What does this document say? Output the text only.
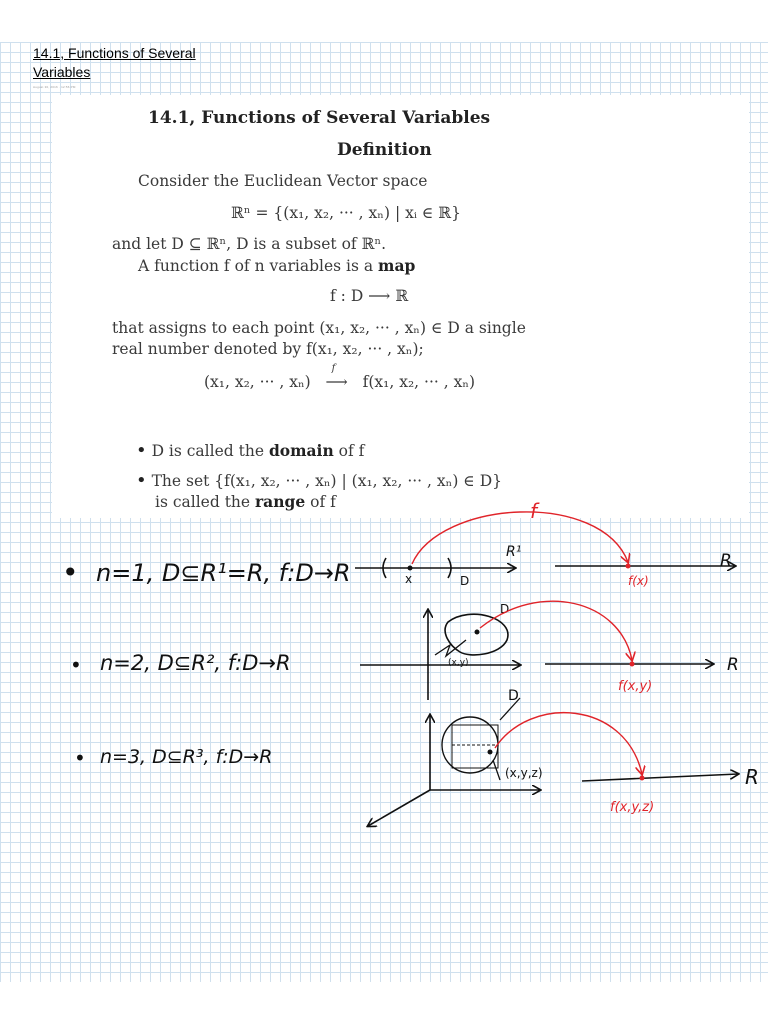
14.1, Functions of Several Variables
August 30, 2016 · 12:56 PM
14.1, Functions of Several Variables
Definition
Consider the Euclidean Vector space
ℝⁿ = {(x₁, x₂, ··· , xₙ) | xᵢ ∈ ℝ}
and let D ⊆ ℝⁿ, D is a subset of ℝⁿ.
A function f of n variables is a map
f : D ⟶ ℝ
that assigns to each point (x₁, x₂, ··· , xₙ) ∈ D a single
real number denoted by f(x₁, x₂, ··· , xₙ);
(x₁, x₂, ··· , xₙ)
f
⟶ f(x₁, x₂, ··· , xₙ)
• D is called the domain of f
• The set {f(x₁, x₂, ··· , xₙ) | (x₁, x₂, ··· , xₙ) ∈ D}
is called the range of f
• n=1, D⊆R¹=R, f:D→R	x	D
R¹	R
f(x)
f
• n=2, D⊆R², f:D→R
D
(x,y)	R
f(x,y)
• n=3, D⊆R³, f:D→R
D
(x,y,z)	R
f(x,y,z)
